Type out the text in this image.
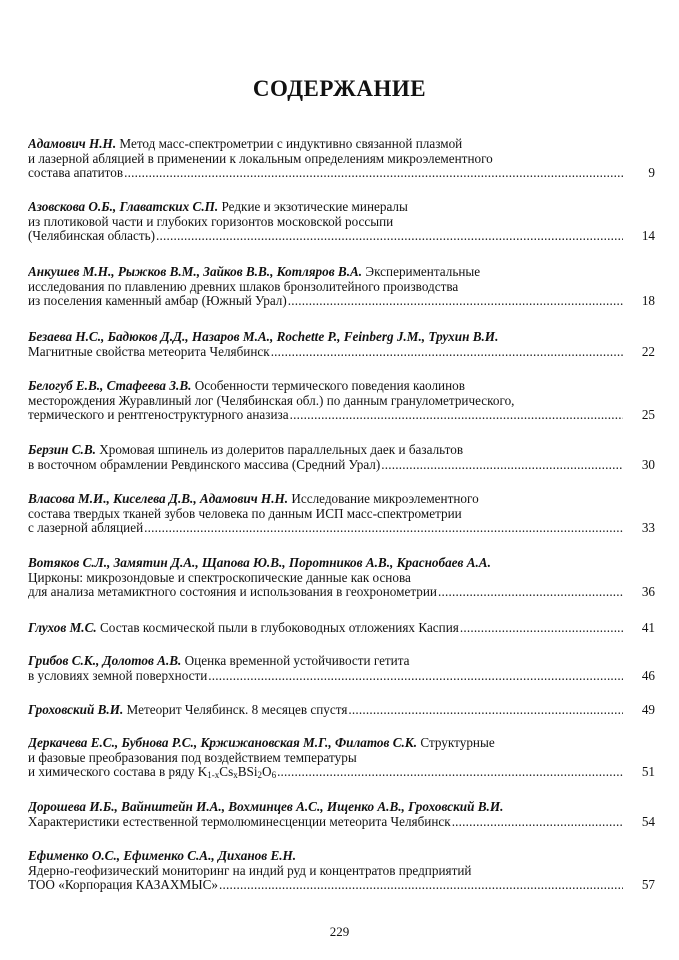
СОДЕРЖАНИЕ
Адамович Н.Н. Метод масс-спектрометрии с индуктивно связанной плазмой
и лазерной абляцией в применении к локальным определениям микроэлементного
состава апатитов .....	9
Азовскова О.Б., Главатских С.П. Редкие и экзотические минералы
из плотиковой части и глубоких горизонтов московской россыпи
(Челябинская область) .....	14
Анкушев М.Н., Рыжков В.М., Зайков В.В., Котляров В.А. Экспериментальные
исследования по плавлению древних шлаков бронзолитейного производства
из поселения каменный амбар (Южный Урал) .....	18
Безаева Н.С., Бадюков Д.Д., Назаров М.А., Rochette P., Feinberg J.M., Трухин В.И.
Магнитные свойства метеорита Челябинск .....	22
Белогуб Е.В., Стафеева З.В. Особенности термического поведения каолинов
месторождения Журавлиный лог (Челябинская обл.) по данным гранулометрического,
термического и рентгеноструктурного аназиза .....	25
Берзин С.В. Хромовая шпинель из долеритов параллельных даек и базальтов
в восточном обрамлении Ревдинского массива (Средний Урал) .....	30
Власова М.И., Киселева Д.В., Адамович Н.Н. Исследование микроэлементного
состава твердых тканей зубов человека по данным ИСП масс-спектрометрии
с лазерной абляцией .....	33
Вотяков С.Л., Замятин Д.А., Щапова Ю.В., Поротников А.В., Краснобаев А.А.
Цирконы: микрозондовые и спектроскопические данные как основа
для анализа метамиктного состояния и использования в геохронометрии .....	36
Глухов М.С. Состав космической пыли в глубоководных отложениях Каспия .....	41
Грибов С.К., Долотов А.В. Оценка временной устойчивости гетита
в условиях земной поверхности .....	46
Гроховский В.И. Метеорит Челябинск. 8 месяцев спустя .....	49
Деркачева Е.С., Бубнова Р.С., Кржижановская М.Г., Филатов С.К. Структурные
и фазовые преобразования под воздействием температуры
и химического состава в ряду $K_{1-x}Cs_xBSi_2O_6$ .....	51
Дорошева И.Б., Вайнштейн И.А., Вохминцев А.С., Ищенко А.В., Гроховский В.И.
Характеристики естественной термолюминесценции метеорита Челябинск .....	54
Ефименко О.С., Ефименко С.А., Диханов Е.Н.
Ядерно-геофизический мониторинг на индий руд и концентратов предприятий
ТОО «Корпорация КАЗАХМЫС» .....	57
229
